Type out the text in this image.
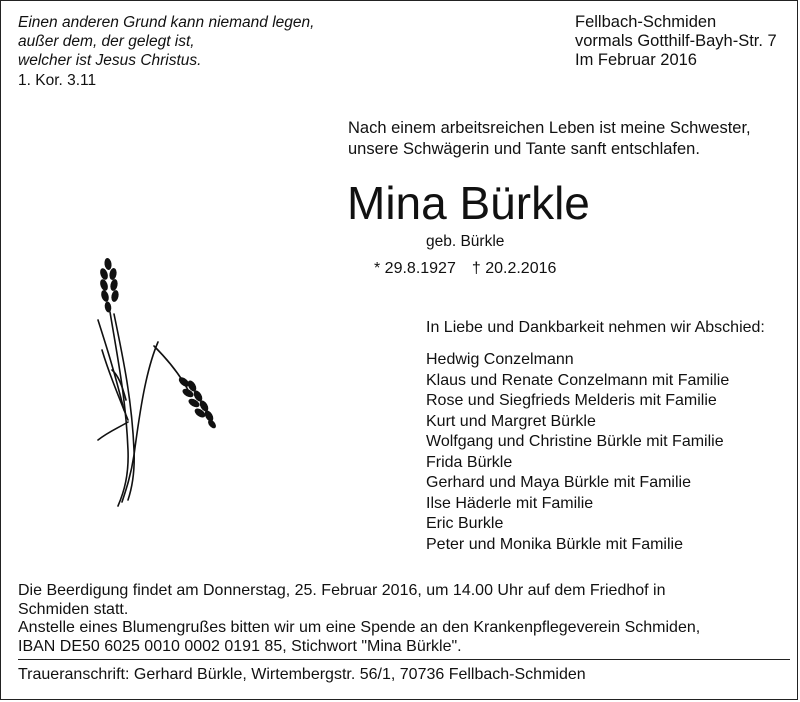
Einen anderen Grund kann niemand legen,
außer dem, der gelegt ist,
welcher ist Jesus Christus.
1. Kor. 3.11
Fellbach-Schmiden
vormals Gotthilf-Bayh-Str. 7
Im Februar 2016
Nach einem arbeitsreichen Leben ist meine Schwester,
unsere Schwägerin und Tante sanft entschlafen.
Mina Bürkle
geb. Bürkle
* 29.8.1927 † 20.2.2016
In Liebe und Dankbarkeit nehmen wir Abschied:
Hedwig Conzelmann
Klaus und Renate Conzelmann mit Familie
Rose und Siegfrieds Melderis mit Familie
Kurt und Margret Bürkle
Wolfgang und Christine Bürkle mit Familie
Frida Bürkle
Gerhard und Maya Bürkle mit Familie
Ilse Häderle mit Familie
Eric Burkle
Peter und Monika Bürkle mit Familie
Die Beerdigung findet am Donnerstag, 25. Februar 2016, um 14.00 Uhr auf dem Friedhof in
Schmiden statt.
Anstelle eines Blumengrußes bitten wir um eine Spende an den Krankenpflegeverein Schmiden,
IBAN DE50 6025 0010 0002 0191 85, Stichwort "Mina Bürkle".
Traueranschrift: Gerhard Bürkle, Wirtembergstr. 56/1, 70736 Fellbach-Schmiden
